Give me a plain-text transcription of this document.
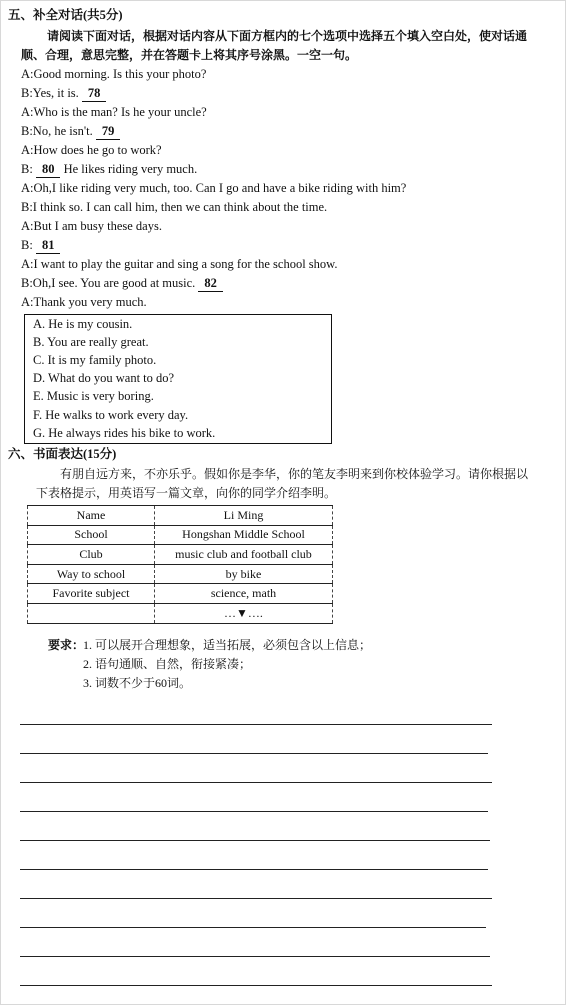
五、补全对话(共5分)
请阅读下面对话，根据对话内容从下面方框内的七个选项中选择五个填入空白处，使对话通
顺、合理，意思完整，并在答题卡上将其序号涂黑。一空一句。
A:Good morning. Is this your photo?
B:Yes, it is. 78
A:Who is the man? Is he your uncle?
B:No, he isn't. 79
A:How does he go to work?
B: 80 He likes riding very much.
A:Oh,I like riding very much, too. Can I go and have a bike riding with him?
B:I think so. I can call him, then we can think about the time.
A:But I am busy these days.
B: 81
A:I want to play the guitar and sing a song for the school show.
B:Oh,I see. You are good at music. 82
A:Thank you very much.
A. He is my cousin.
B. You are really great.
C. It is my family photo.
D. What do you want to do?
E. Music is very boring.
F. He walks to work every day.
G. He always rides his bike to work.
六、书面表达(15分)
有朋自远方来，不亦乐乎。假如你是李华，你的笔友李明来到你校体验学习。请你根据以
下表格提示，用英语写一篇文章，向你的同学介绍李明。
Name	Li Ming
School	Hongshan Middle School
Club	music club and football club
Way to school	by bike
Favorite subject	science, math
	…▼….
要求：
1. 可以展开合理想象，适当拓展，必须包含以上信息；
2. 语句通顺、自然，衔接紧凑；
3. 词数不少于60词。
